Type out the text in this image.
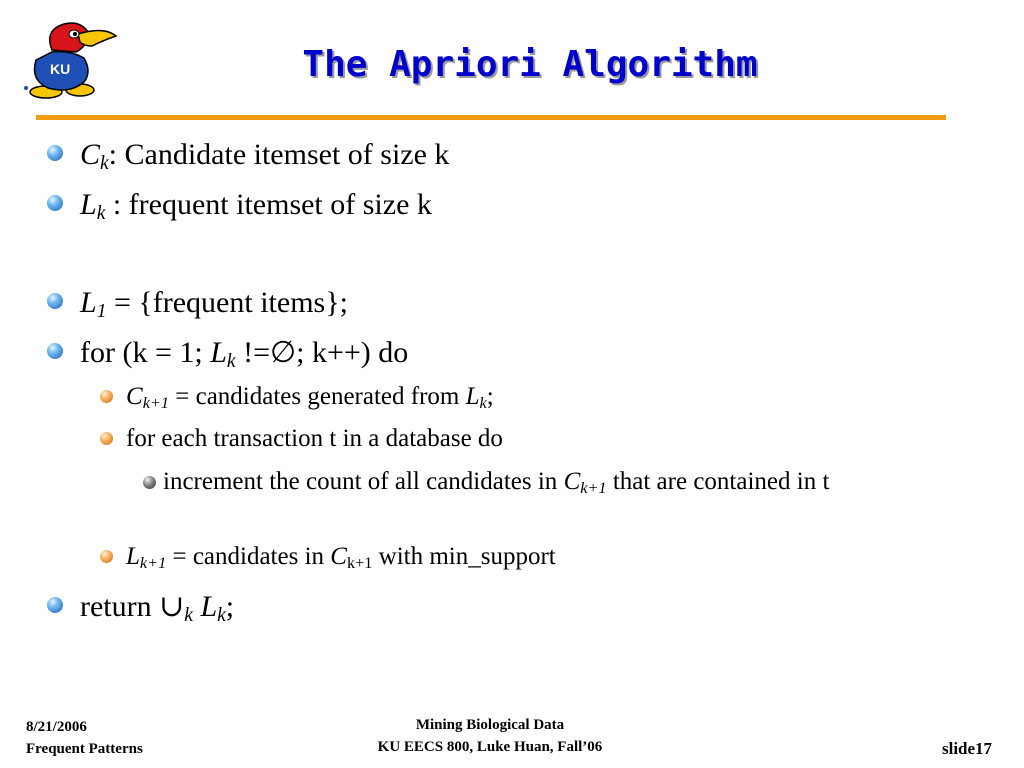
KU	The Apriori Algorithm
$C_k$: Candidate itemset of size k
$L_k$ : frequent itemset of size k
$L_1$ = {frequent items};
for (k = 1; $L_k$ !=∅; k++) do
$C_{k+1}$ = candidates generated from $L_k$;
for each transaction t in a database do
increment the count of all candidates in $C_{k+1}$ that are contained in t
$L_{k+1}$ = candidates in $C_{k+1}$ with min_support
return $\cup_k$ $L_k$;
8/21/2006
Frequent Patterns
Mining Biological Data
KU EECS 800, Luke Huan, Fall’06	slide17
